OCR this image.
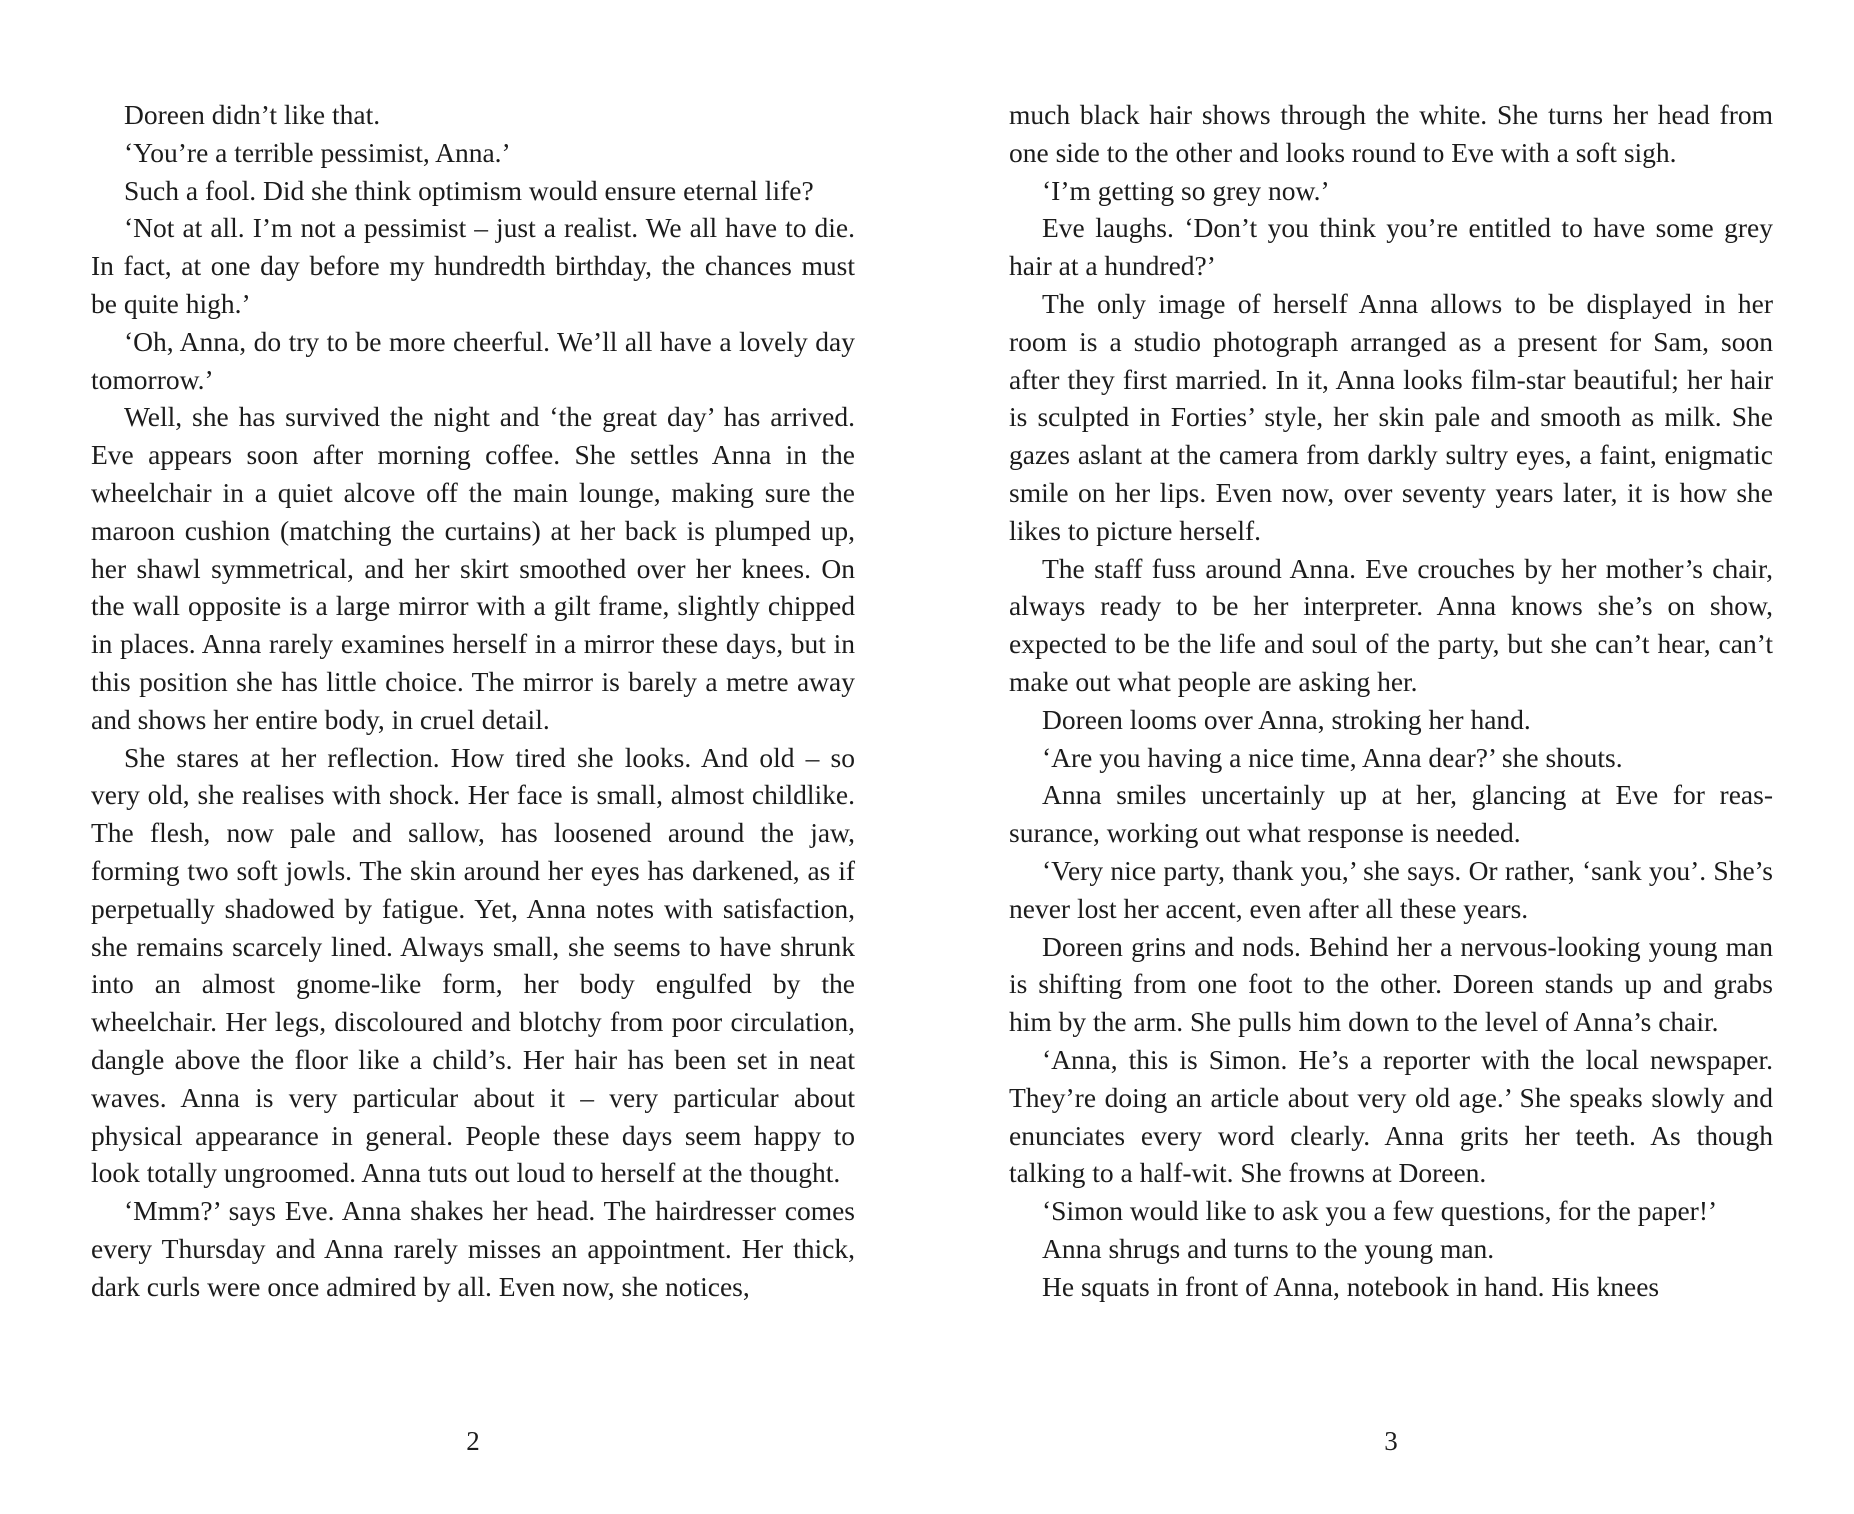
Doreen didn’t like that.

‘You’re a terrible pessimist, Anna.’

Such a fool. Did she think optimism would ensure eternal life?

‘Not at all. I’m not a pessimist – just a realist. We all have to die. In fact, at one day before my hundredth birthday, the chances must be quite high.’

‘Oh, Anna, do try to be more cheerful. We’ll all have a lovely day tomorrow.’

Well, she has survived the night and ‘the great day’ has arrived. Eve appears soon after morning coffee. She settles Anna in the wheelchair in a quiet alcove off the main lounge, making sure the maroon cushion (matching the curtains) at her back is plumped up, her shawl symmetrical, and her skirt smoothed over her knees. On the wall opposite is a large mirror with a gilt frame, slightly chipped in places. Anna rarely examines herself in a mirror these days, but in this position she has little choice. The mirror is barely a metre away and shows her entire body, in cruel detail.

She stares at her reflection. How tired she looks. And old – so very old, she realises with shock. Her face is small, almost childlike. The flesh, now pale and sallow, has loosened around the jaw, forming two soft jowls. The skin around her eyes has darkened, as if perpetually shadowed by fatigue. Yet, Anna notes with satisfaction, she remains scarcely lined. Always small, she seems to have shrunk into an almost gnome-like form, her body engulfed by the wheelchair. Her legs, discoloured and blotchy from poor circulation, dangle above the floor like a child’s. Her hair has been set in neat waves. Anna is very particular about it – very particular about physical appearance in general. People these days seem happy to look totally ungroomed. Anna tuts out loud to herself at the thought.

‘Mmm?’ says Eve. Anna shakes her head. The hairdresser comes every Thursday and Anna rarely misses an appointment. Her thick, dark curls were once admired by all. Even now, she notices,

2

much black hair shows through the white. She turns her head from one side to the other and looks round to Eve with a soft sigh.

‘I’m getting so grey now.’

Eve laughs. ‘Don’t you think you’re entitled to have some grey hair at a hundred?’

The only image of herself Anna allows to be displayed in her room is a studio photograph arranged as a present for Sam, soon after they first married. In it, Anna looks film-star beautiful; her hair is sculpted in Forties’ style, her skin pale and smooth as milk. She gazes aslant at the camera from darkly sultry eyes, a faint, enigmatic smile on her lips. Even now, over seventy years later, it is how she likes to picture herself.

The staff fuss around Anna. Eve crouches by her mother’s chair, always ready to be her interpreter. Anna knows she’s on show, expected to be the life and soul of the party, but she can’t hear, can’t make out what people are asking her.

Doreen looms over Anna, stroking her hand.

‘Are you having a nice time, Anna dear?’ she shouts.

Anna smiles uncertainly up at her, glancing at Eve for reassurance, working out what response is needed.

‘Very nice party, thank you,’ she says. Or rather, ‘sank you’. She’s never lost her accent, even after all these years.

Doreen grins and nods. Behind her a nervous-looking young man is shifting from one foot to the other. Doreen stands up and grabs him by the arm. She pulls him down to the level of Anna’s chair.

‘Anna, this is Simon. He’s a reporter with the local newspaper. They’re doing an article about very old age.’ She speaks slowly and enunciates every word clearly. Anna grits her teeth. As though talking to a half-wit. She frowns at Doreen.

‘Simon would like to ask you a few questions, for the paper!’

Anna shrugs and turns to the young man.

He squats in front of Anna, notebook in hand. His knees

3
